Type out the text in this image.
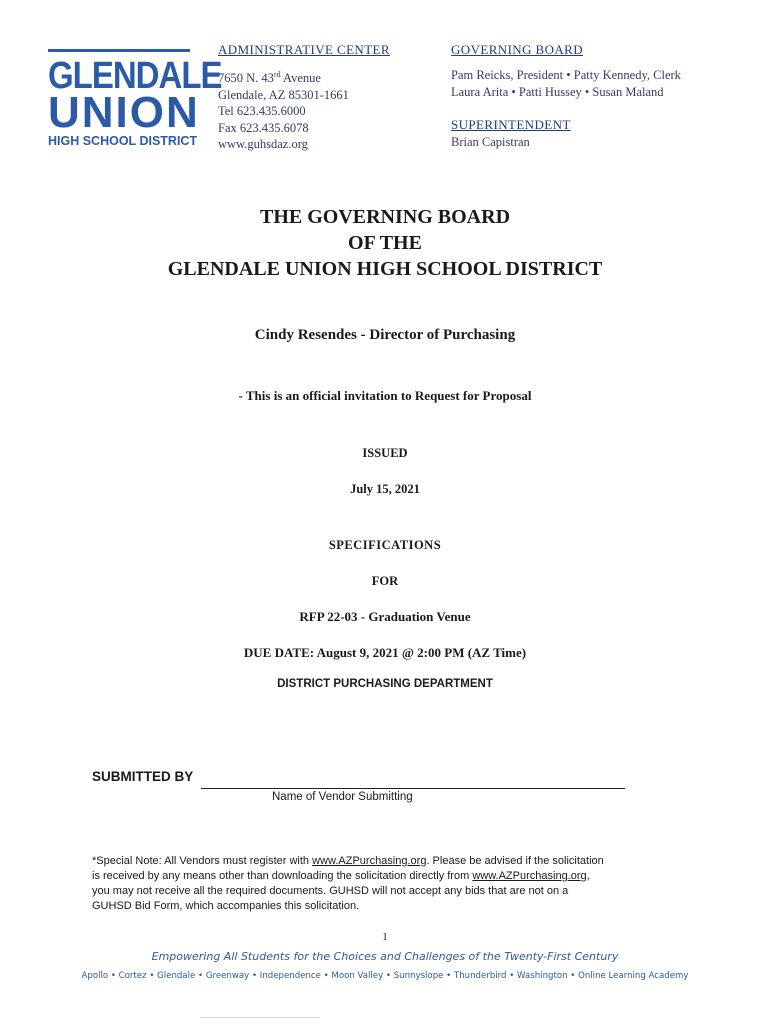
GLENDALE
UNION
HIGH SCHOOL DISTRICT
ADMINISTRATIVE CENTER
7650 N. 43rd Avenue
Glendale, AZ 85301-1661
Tel 623.435.6000
Fax 623.435.6078
www.guhsdaz.org
GOVERNING BOARD
Pam Reicks, President • Patty Kennedy, Clerk
Laura Arita • Patti Hussey • Susan Maland
SUPERINTENDENT
Brian Capistran
THE GOVERNING BOARD
OF THE
GLENDALE UNION HIGH SCHOOL DISTRICT
Cindy Resendes - Director of Purchasing
- This is an official invitation to Request for Proposal
ISSUED
July 15, 2021
SPECIFICATIONS
FOR
RFP 22-03 - Graduation Venue
DUE DATE: August 9, 2021 @ 2:00 PM (AZ Time)
DISTRICT PURCHASING DEPARTMENT
SUBMITTED BY
Name of Vendor Submitting
*Special Note: All Vendors must register with www.AZPurchasing.org. Please be advised if the solicitation
is received by any means other than downloading the solicitation directly from www.AZPurchasing.org,
you may not receive all the required documents. GUHSD will not accept any bids that are not on a
GUHSD Bid Form, which accompanies this solicitation.
1
Empowering All Students for the Choices and Challenges of the Twenty-First Century
Apollo • Cortez • Glendale • Greenway • Independence • Moon Valley • Sunnyslope • Thunderbird • Washington • Online Learning Academy
